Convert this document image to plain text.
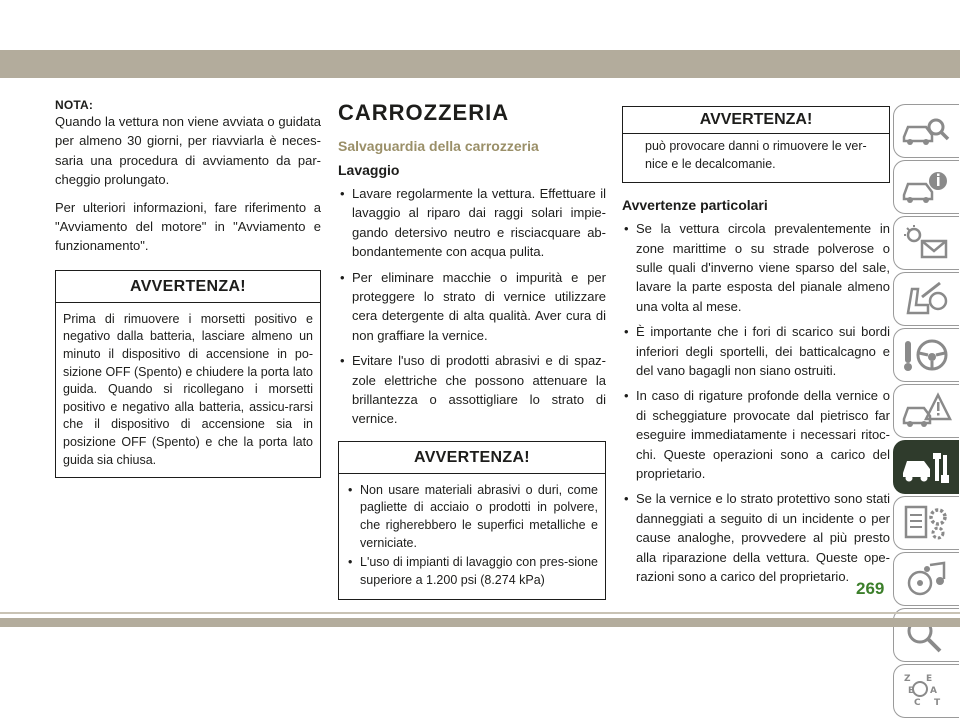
NOTA:

Quando la vettura non viene avviata o guidata per almeno 30 giorni, per riavviarla è neces-saria una procedura di avviamento da par-cheggio prolungato.

Per ulteriori informazioni, fare riferimento a "Avviamento del motore" in "Avviamento e funzionamento".

AVVERTENZA!
Prima di rimuovere i morsetti positivo e negativo dalla batteria, lasciare almeno un minuto il dispositivo di accensione in po-sizione OFF (Spento) e chiudere la porta lato guida. Quando si ricollegano i morsetti positivo e negativo alla batteria, assicu-rarsi che il dispositivo di accensione sia in posizione OFF (Spento) e che la porta lato guida sia chiusa.
CARROZZERIA
Salvaguardia della carrozzeria
Lavaggio
• Lavare regolarmente la vettura. Effettuare il lavaggio al riparo dai raggi solari impie-gando detersivo neutro e risciacquare ab-bondantemente con acqua pulita.
• Per eliminare macchie o impurità e per proteggere lo strato di vernice utilizzare cera detergente di alta qualità. Aver cura di non graffiare la vernice.
• Evitare l'uso di prodotti abrasivi e di spaz-zole elettriche che possono attenuare la brillantezza o assottigliare lo strato di vernice.
AVVERTENZA!
• Non usare materiali abrasivi o duri, come pagliette di acciaio o prodotti in polvere, che righerebbero le superfici metalliche e verniciate.
• L'uso di impianti di lavaggio con pres-sione superiore a 1.200 psi (8.274 kPa)
AVVERTENZA!
può provocare danni o rimuovere le ver-nice e le decalcomanie.
Avvertenze particolari
• Se la vettura circola prevalentemente in zone marittime o su strade polverose o sulle quali d'inverno viene sparso del sale, lavare la parte esposta del pianale almeno una volta al mese.
• È importante che i fori di scarico sui bordi inferiori degli sportelli, dei batticalcagno e del vano bagagli non siano ostruiti.
• In caso di rigature profonde della vernice o di scheggiature provocate dal pietrisco far eseguire immediatamente i necessari ritoc-chi. Queste operazioni sono a carico del proprietario.
• Se la vernice e lo strato protettivo sono stati danneggiati a seguito di un incidente o per cause analoghe, provvedere al più presto alla riparazione della vettura. Queste ope-razioni sono a carico del proprietario.
Z E
B A
C T
269
